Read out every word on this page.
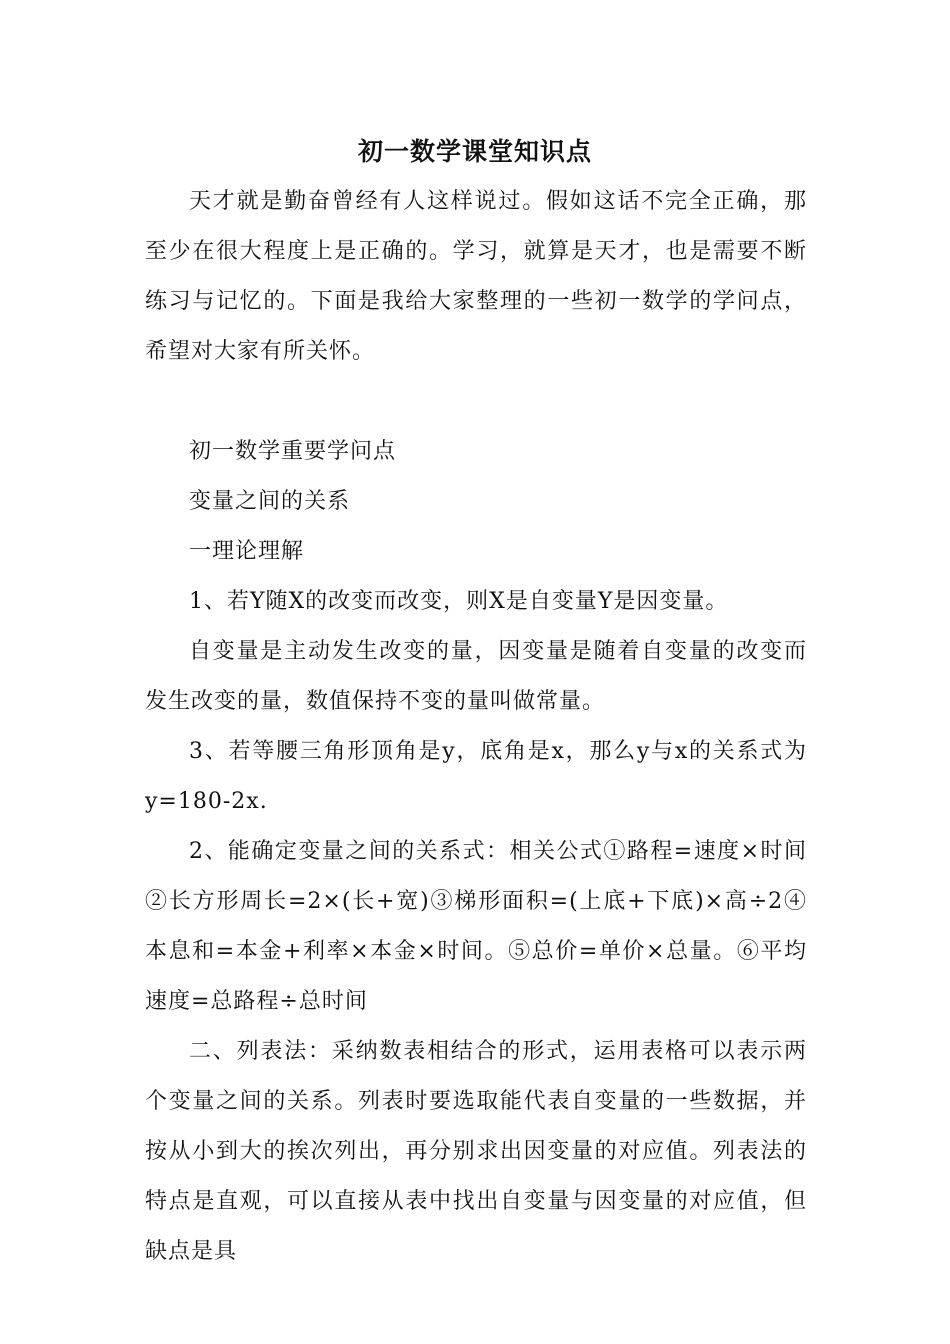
初一数学课堂知识点

天才就是勤奋曾经有人这样说过。假如这话不完全正确，那至少在很大程度上是正确的。学习，就算是天才，也是需要不断练习与记忆的。下面是我给大家整理的一些初一数学的学问点，希望对大家有所关怀。

初一数学重要学问点

变量之间的关系

一理论理解

1、若Y随X的改变而改变，则X是自变量Y是因变量。

自变量是主动发生改变的量，因变量是随着自变量的改变而发生改变的量，数值保持不变的量叫做常量。

3、若等腰三角形顶角是y，底角是x，那么y与x的关系式为y=180-2x.

2、能确定变量之间的关系式：相关公式①路程=速度×时间②长方形周长=2×(长+宽)③梯形面积=(上底+下底)×高÷2④本息和=本金+利率×本金×时间。⑤总价=单价×总量。⑥平均速度=总路程÷总时间

二、列表法：采纳数表相结合的形式，运用表格可以表示两个变量之间的关系。列表时要选取能代表自变量的一些数据，并按从小到大的挨次列出，再分别求出因变量的对应值。列表法的特点是直观，可以直接从表中找出自变量与因变量的对应值，但缺点是具
